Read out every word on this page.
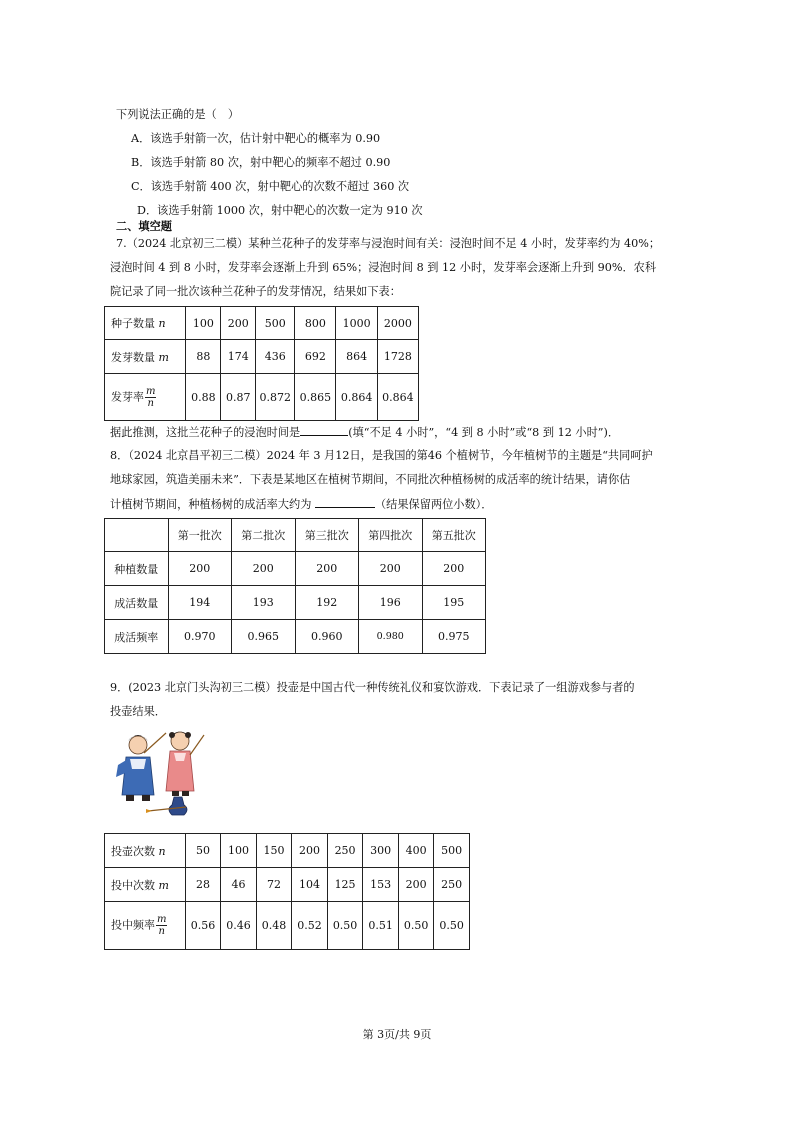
下列说法正确的是（　）
A．该选手射箭一次，估计射中靶心的概率为 0.90
B．该选手射箭 80 次，射中靶心的频率不超过 0.90
C．该选手射箭 400 次，射中靶心的次数不超过 360 次
D．该选手射箭 1000 次，射中靶心的次数一定为 910 次
二、填空题
7.（2024 北京初三二模）某种兰花种子的发芽率与浸泡时间有关：浸泡时间不足 4 小时，发芽率约为 40%；
浸泡时间 4 到 8 小时，发芽率会逐渐上升到 65%；浸泡时间 8 到 12 小时，发芽率会逐渐上升到 90%．农科
院记录了同一批次该种兰花种子的发芽情况，结果如下表：
种子数量 n	100	200	500	800	1000	2000
发芽数量 m	88	174	436	692	864	1728
发芽率 $\frac{m}{n}$	0.88	0.87	0.872	0.865	0.864	0.864
据此推测，这批兰花种子的浸泡时间是	(填“不足 4 小时”，“4 到 8 小时”或“8 到 12 小时”)．
8．（2024 北京昌平初三二模）2024 年 3 月12日，是我国的第46 个植树节，今年植树节的主题是“共同呵护
地球家园，筑造美丽未来”．下表是某地区在植树节期间，不同批次种植杨树的成活率的统计结果，请你估
计植树节期间，种植杨树的成活率大约为	（结果保留两位小数）．
	第一批次	第二批次	第三批次	第四批次	第五批次
种植数量	200	200	200	200	200
成活数量	194	193	192	196	195
成活频率	0.970	0.965	0.960	0.980	0.975
9．(2023 北京门头沟初三二模）投壶是中国古代一种传统礼仪和宴饮游戏．下表记录了一组游戏参与者的
投壶结果．
投壶次数 n	50	100	150	200	250	300	400	500
投中次数 m	28	46	72	104	125	153	200	250
投中频率 $\frac{m}{n}$	0.56	0.46	0.48	0.52	0.50	0.51	0.50	0.50
第 3页/共 9页
